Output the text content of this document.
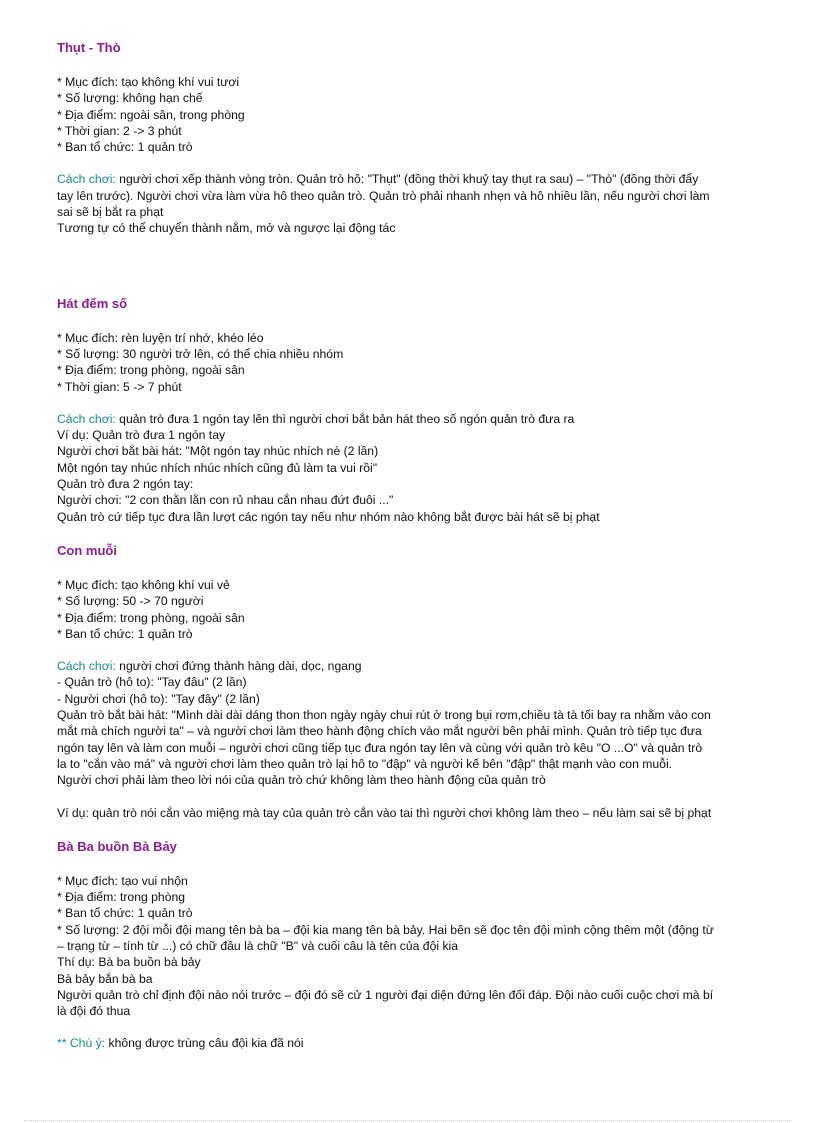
Thụt - Thò
* Mục đích: tạo không khí vui tươi
* Số lượng: không hạn chế
* Địa điểm: ngoài sân, trong phòng
* Thời gian: 2 -> 3 phút
* Ban tổ chức: 1 quản trò
Cách chơi: người chơi xếp thành vòng tròn. Quản trò hô: "Thụt" (đồng thời khuỷ tay thụt ra sau) – "Thò" (đồng thời đẩy
tay lên trước). Người chơi vừa làm vừa hô theo quản trò. Quản trò phải nhanh nhẹn và hô nhiều lần, nếu người chơi làm
sai sẽ bị bắt ra phạt
Tương tự có thể chuyển thành nắm, mở và ngược lại động tác
Hát đếm số
* Mục đích: rèn luyện trí nhớ, khéo léo
* Số lượng: 30 người trở lên, có thể chia nhiều nhóm
* Địa điểm: trong phòng, ngoài sân
* Thời gian: 5 -> 7 phút
Cách chơi: quản trò đưa 1 ngón tay lên thì người chơi bắt bản hát theo số ngón quản trò đưa ra
Ví dụ: Quản trò đưa 1 ngón tay
Người chơi bắt bài hát: "Một ngón tay nhúc nhích nè (2 lần)
Một ngón tay nhúc nhích nhúc nhích cũng đủ làm ta vui rồi"
Quản trò đưa 2 ngón tay:
Người chơi: "2 con thằn lằn con rủ nhau cắn nhau đứt đuôi ..."
Quản trò cứ tiếp tục đưa lần lượt các ngón tay nếu như nhóm nào không bắt được bài hát sẽ bị phạt
Con muỗi
* Mục đích: tạo không khí vui vẻ
* Số lượng: 50 -> 70 người
* Địa điểm: trong phòng, ngoài sân
* Ban tổ chức: 1 quản trò
Cách chơi: người chơi đứng thành hàng dài, dọc, ngang
- Quản trò (hô to): "Tay đâu" (2 lần)
- Người chơi (hô to): "Tay đây" (2 lần)
Quản trò bắt bài hát: "Mình dài dài dáng thon thon ngày ngày chui rút ở trong bụi rơm,chiều tà tà tối bay ra nhằm vào con
mắt mà chích người ta" – và người chơi làm theo hành động chích vào mắt người bên phải mình. Quản trò tiếp tục đưa
ngón tay lên và làm con muỗi – người chơi cũng tiếp tục đưa ngón tay lên và cùng với quản trò kêu "O ...O" và quản trò
la to "cắn vào má" và người chơi làm theo quản trò lại hô to "đập" và người kế bên "đập" thật mạnh vào con muỗi.
Người chơi phải làm theo lời nói của quản trò chứ không làm theo hành động của quản trò
Ví dụ: quản trò nói cắn vào miệng mà tay của quản trò cắn vào tai thì người chơi không làm theo – nếu làm sai sẽ bị phạt
Bà Ba buồn Bà Bảy
* Mục đích: tạo vui nhộn
* Địa điểm: trong phòng
* Ban tổ chức: 1 quản trò
* Số lượng: 2 đội mỗi đội mang tên bà ba – đội kia mang tên bà bảy. Hai bên sẽ đọc tên đội mình cộng thêm một (động từ
– trạng từ – tính từ ...) có chữ đầu là chữ "B" và cuối câu là tên của đội kia
Thí dụ: Bà ba buồn bà bảy
Bà bảy bắn bà ba
Người quản trò chỉ định đội nào nói trước – đội đó sẽ cử 1 người đại diện đứng lên đối đáp. Đội nào cuối cuộc chơi mà bí
là đội đó thua
** Chú ý: không được trùng câu đội kia đã nói
